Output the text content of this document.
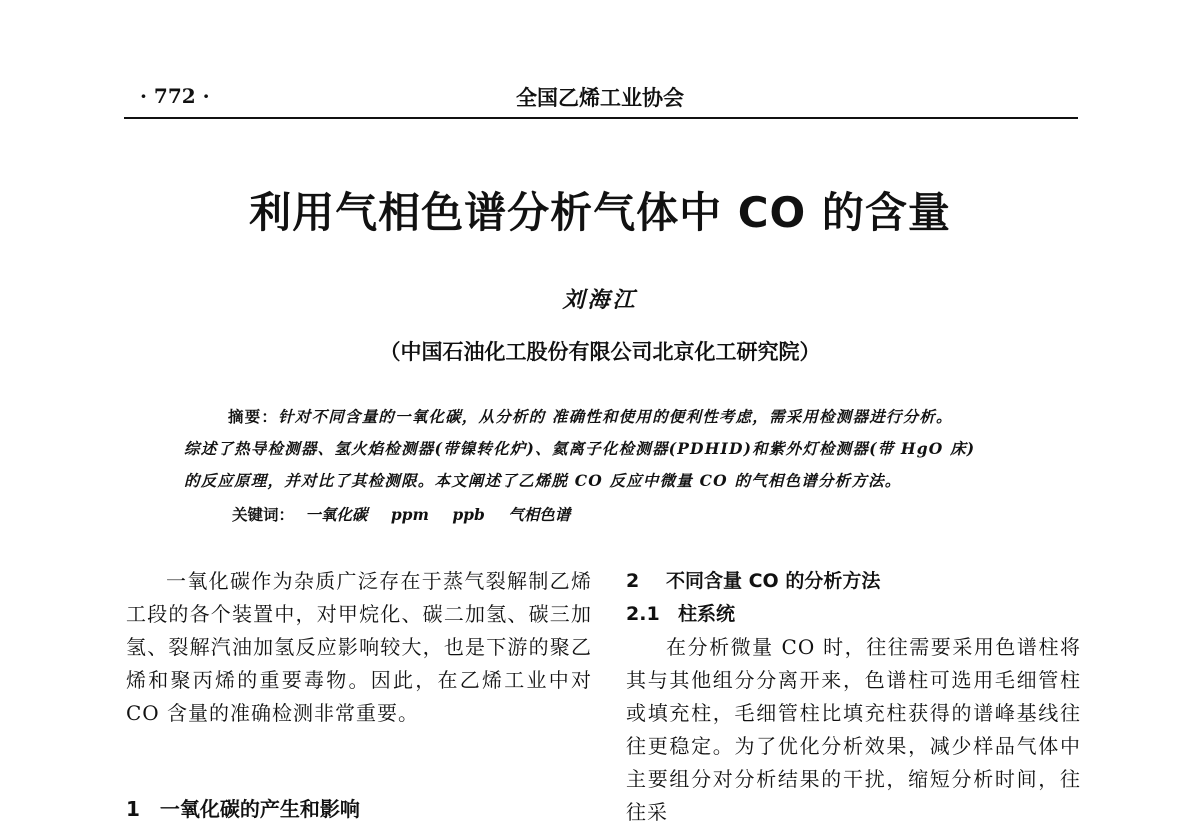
· 772 ·	全国乙烯工业协会
利用气相色谱分析气体中 CO 的含量
刘海江
（中国石油化工股份有限公司北京化工研究院）
摘要：针对不同含量的一氧化碳，从分析的 准确性和使用的便利性考虑，需采用检测器进行分析。
综述了热导检测器、氢火焰检测器(带镍转化炉)、氦离子化检测器(PDHID)和紫外灯检测器(带 HgO 床)
的反应原理，并对比了其检测限。本文阐述了乙烯脱 CO 反应中微量 CO 的气相色谱分析方法。
关键词： 一氧化碳 ppm ppb 气相色谱

一氧化碳作为杂质广泛存在于蒸气裂解制乙烯工段的各个装置中，对甲烷化、碳二加氢、碳三加氢、裂解汽油加氢反应影响较大，也是下游的聚乙烯和聚丙烯的重要毒物。因此，在乙烯工业中对 CO 含量的准确检测非常重要。

1　一氧化碳的产生和影响
2 不同含量 CO 的分析方法
2.1 柱系统

在分析微量 CO 时，往往需要采用色谱柱将其与其他组分分离开来，色谱柱可选用毛细管柱或填充柱，毛细管柱比填充柱获得的谱峰基线往往更稳定。为了优化分析效果，减少样品气体中主要组分对分析结果的干扰，缩短分析时间，往往采
